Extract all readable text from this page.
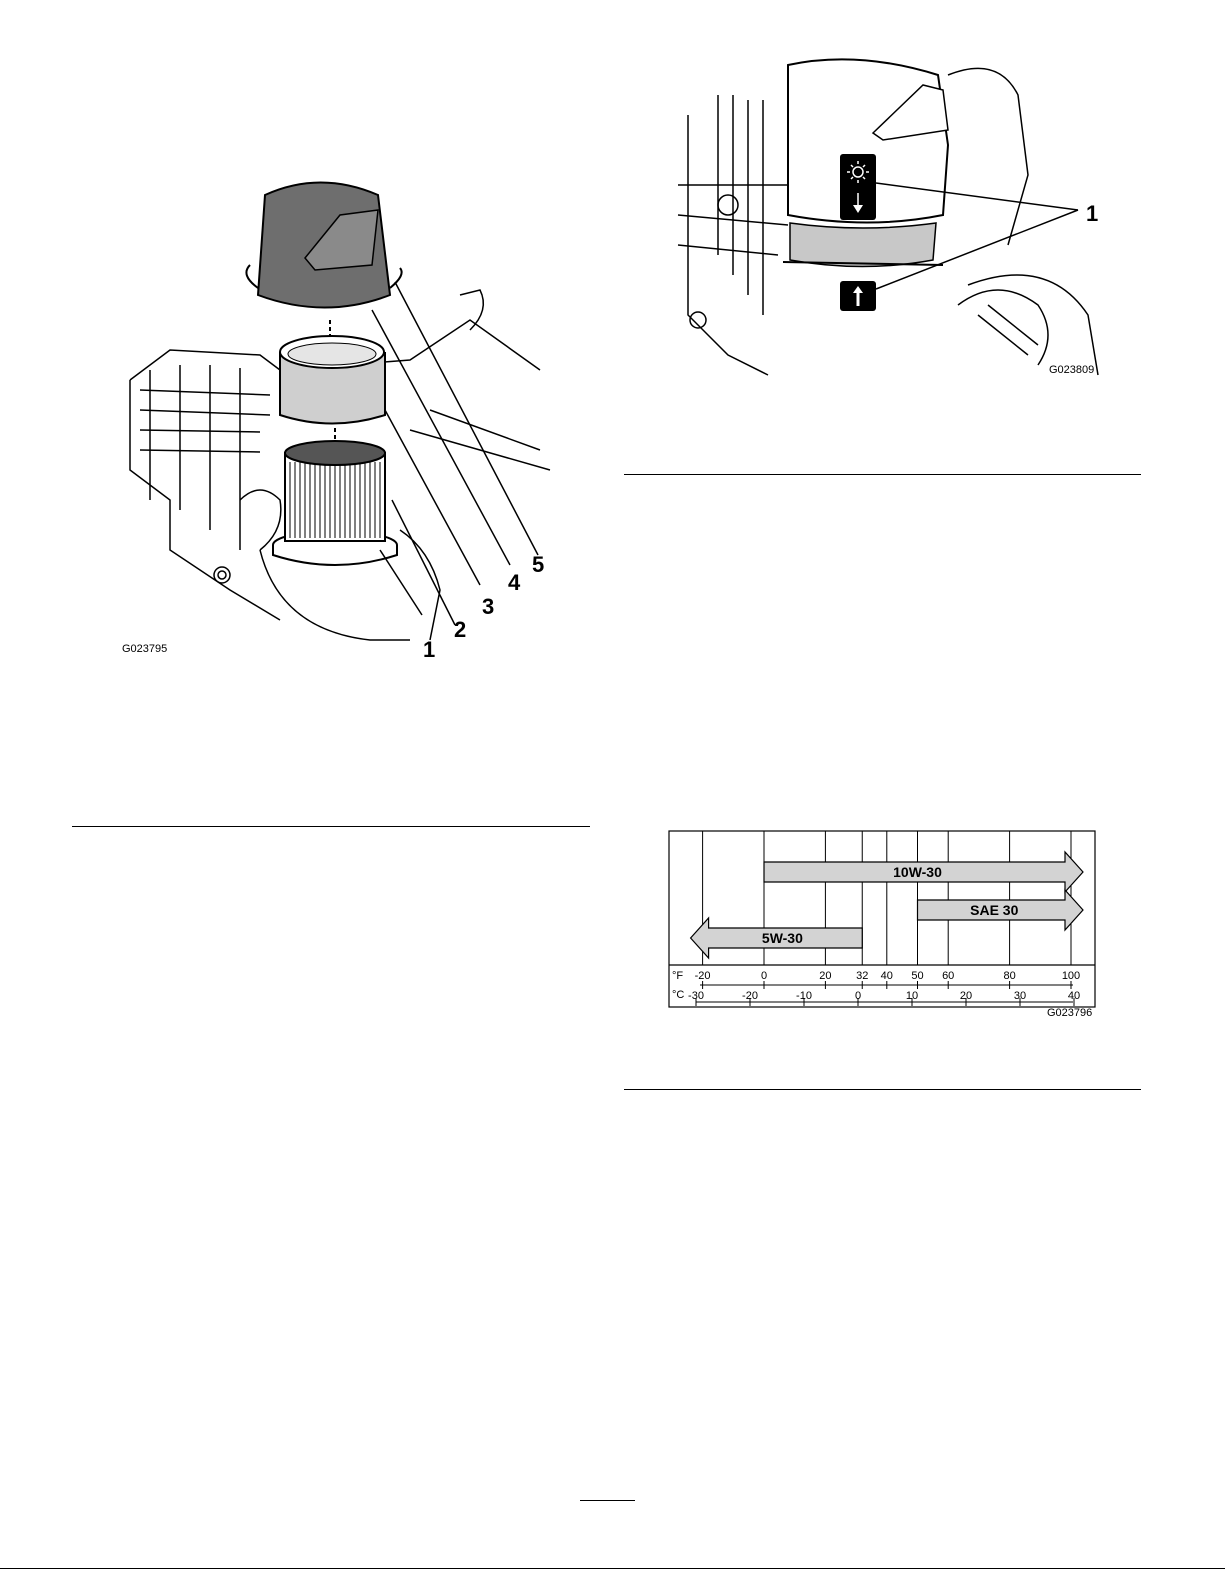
1
2
3
4
5
G023795
1
G023809
10W-30
SAE 30
5W-30
-20	0	20 32 40 50 60	80	100
-30	-20	-10	0	10	20	30	40
°F
°C
G023796
